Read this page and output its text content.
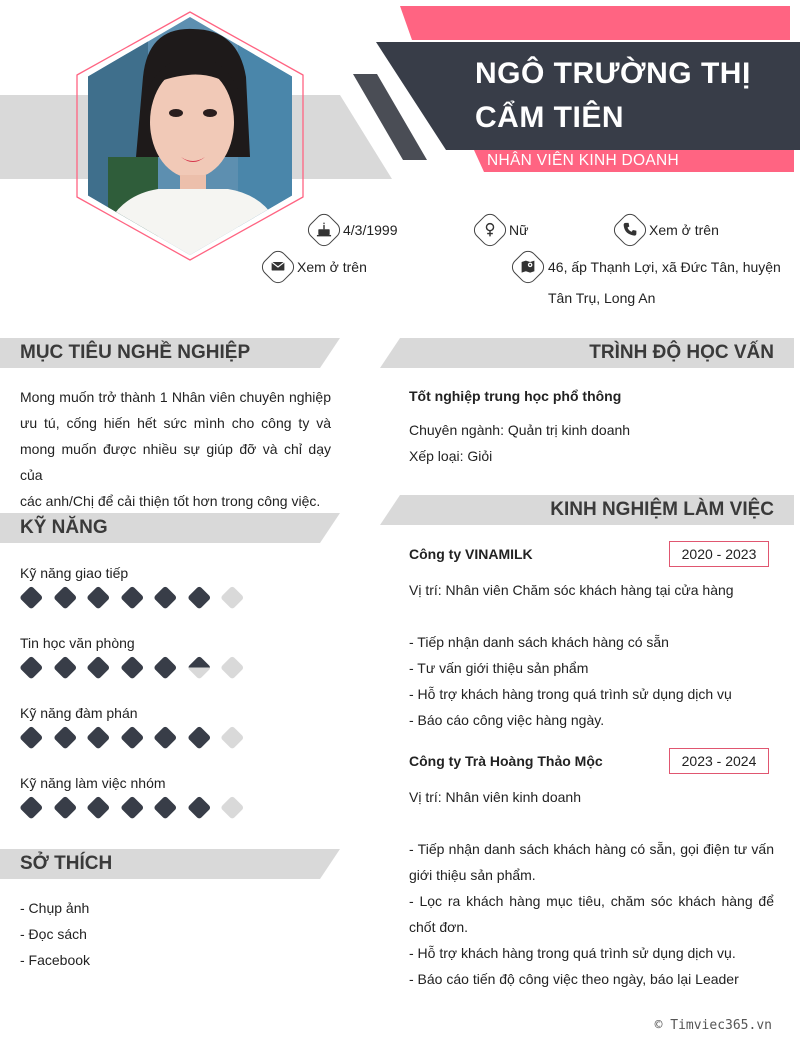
NGÔ TRƯỜNG THỊ
CẨM TIÊN
NHÂN VIÊN KINH DOANH
4/3/1999	Nữ	Xem ở trên
Xem ở trên	46, ấp Thạnh Lợi, xã Đức Tân, huyện
Tân Trụ, Long An
MỤC TIÊU NGHỀ NGHIỆP
Mong muốn trở thành 1 Nhân viên chuyên nghiệp
ưu tú, cống hiến hết sức mình cho công ty và
mong muốn được nhiều sự giúp đỡ và chỉ dạy của
các anh/Chị để cải thiện tốt hơn trong công việc.
KỸ NĂNG
Kỹ năng giao tiếp
Tin học văn phòng
Kỹ năng đàm phán
Kỹ năng làm việc nhóm
SỞ THÍCH
- Chụp ảnh
- Đọc sách
- Facebook
TRÌNH ĐỘ HỌC VẤN
Tốt nghiệp trung học phổ thông
Chuyên ngành: Quản trị kinh doanh
Xếp loại: Giỏi
KINH NGHIỆM LÀM VIỆC
Công ty VINAMILK	2020 - 2023
Vị trí: Nhân viên Chăm sóc khách hàng tại cửa hàng
- Tiếp nhận danh sách khách hàng có sẵn
- Tư vấn giới thiệu sản phẩm
- Hỗ trợ khách hàng trong quá trình sử dụng dịch vụ
- Báo cáo công việc hàng ngày.
Công ty Trà Hoàng Thảo Mộc	2023 - 2024
Vị trí: Nhân viên kinh doanh
- Tiếp nhận danh sách khách hàng có sẵn, gọi điện tư vấn
giới thiệu sản phẩm.
- Lọc ra khách hàng mục tiêu, chăm sóc khách hàng để
chốt đơn.
- Hỗ trợ khách hàng trong quá trình sử dụng dịch vụ.
- Báo cáo tiến độ công việc theo ngày, báo lại Leader
© Timviec365.vn
